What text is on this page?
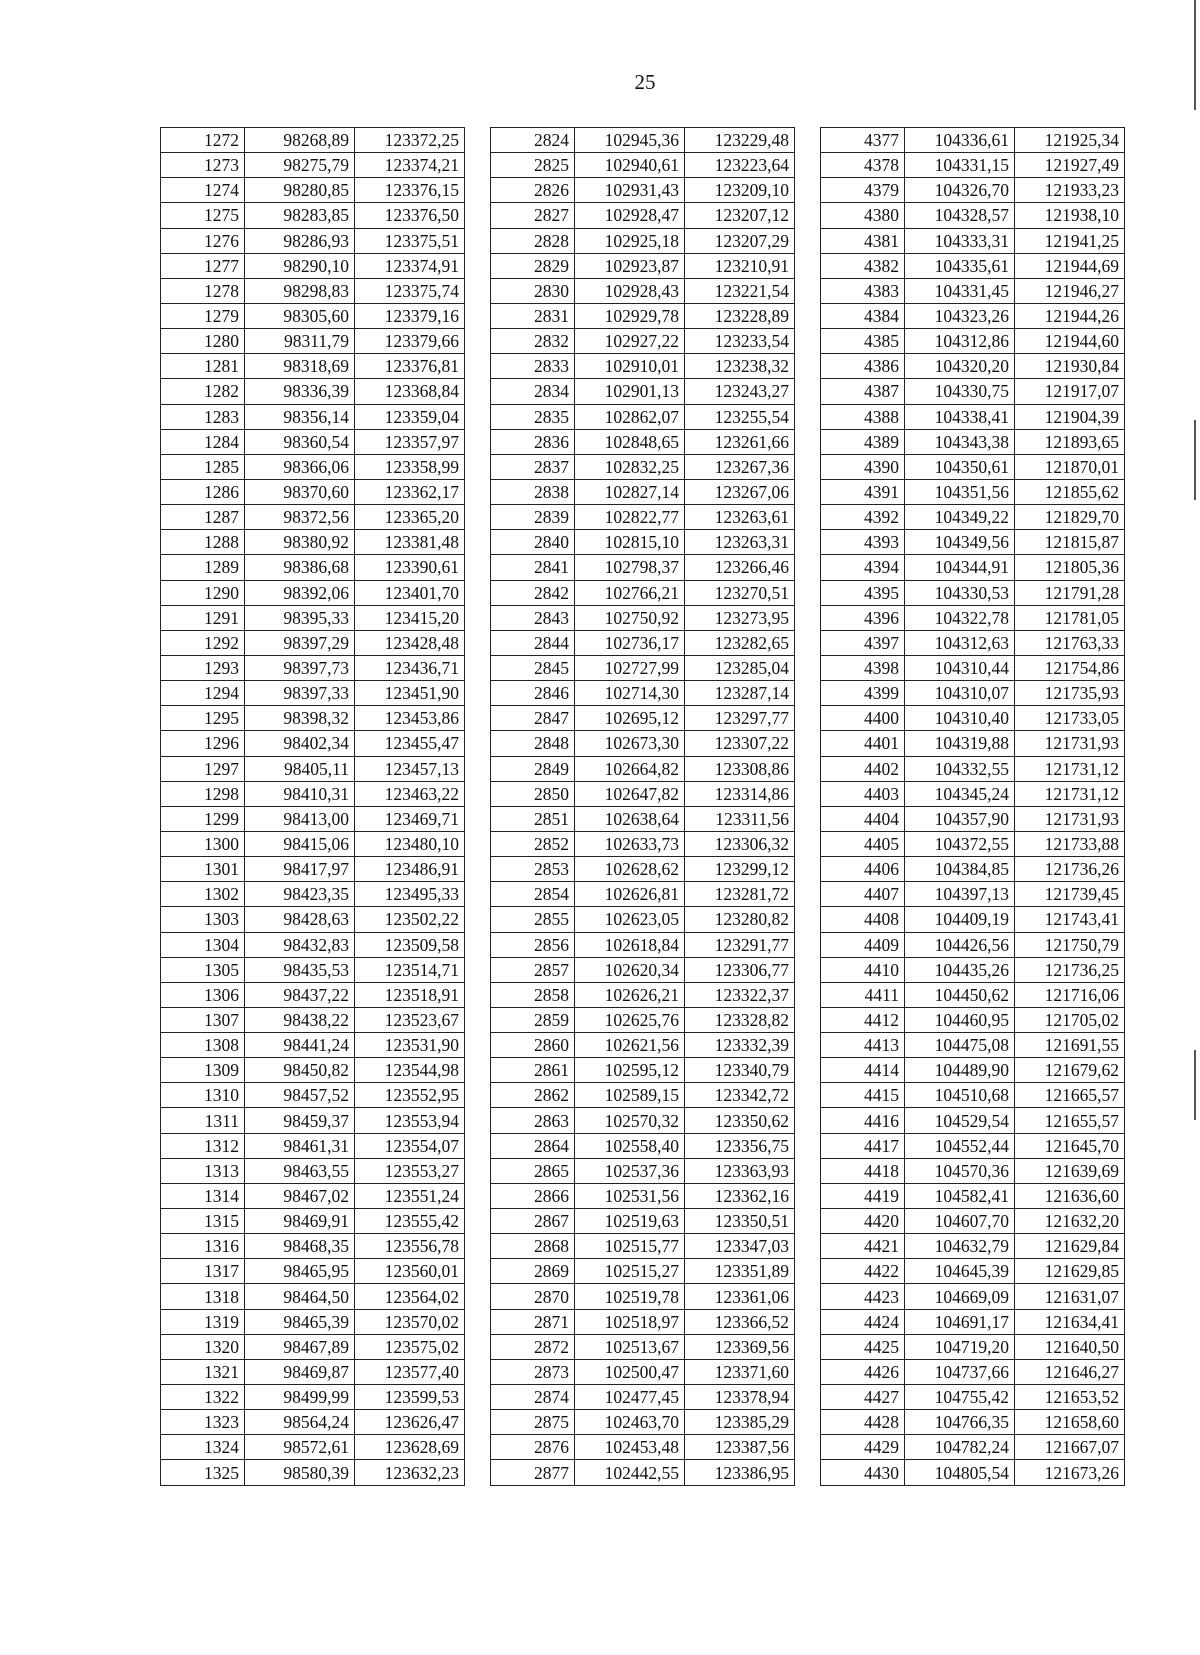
25
1272	98268,89	123372,25
1273	98275,79	123374,21
1274	98280,85	123376,15
1275	98283,85	123376,50
1276	98286,93	123375,51
1277	98290,10	123374,91
1278	98298,83	123375,74
1279	98305,60	123379,16
1280	98311,79	123379,66
1281	98318,69	123376,81
1282	98336,39	123368,84
1283	98356,14	123359,04
1284	98360,54	123357,97
1285	98366,06	123358,99
1286	98370,60	123362,17
1287	98372,56	123365,20
1288	98380,92	123381,48
1289	98386,68	123390,61
1290	98392,06	123401,70
1291	98395,33	123415,20
1292	98397,29	123428,48
1293	98397,73	123436,71
1294	98397,33	123451,90
1295	98398,32	123453,86
1296	98402,34	123455,47
1297	98405,11	123457,13
1298	98410,31	123463,22
1299	98413,00	123469,71
1300	98415,06	123480,10
1301	98417,97	123486,91
1302	98423,35	123495,33
1303	98428,63	123502,22
1304	98432,83	123509,58
1305	98435,53	123514,71
1306	98437,22	123518,91
1307	98438,22	123523,67
1308	98441,24	123531,90
1309	98450,82	123544,98
1310	98457,52	123552,95
1311	98459,37	123553,94
1312	98461,31	123554,07
1313	98463,55	123553,27
1314	98467,02	123551,24
1315	98469,91	123555,42
1316	98468,35	123556,78
1317	98465,95	123560,01
1318	98464,50	123564,02
1319	98465,39	123570,02
1320	98467,89	123575,02
1321	98469,87	123577,40
1322	98499,99	123599,53
1323	98564,24	123626,47
1324	98572,61	123628,69
1325	98580,39	123632,23
2824	102945,36	123229,48
2825	102940,61	123223,64
2826	102931,43	123209,10
2827	102928,47	123207,12
2828	102925,18	123207,29
2829	102923,87	123210,91
2830	102928,43	123221,54
2831	102929,78	123228,89
2832	102927,22	123233,54
2833	102910,01	123238,32
2834	102901,13	123243,27
2835	102862,07	123255,54
2836	102848,65	123261,66
2837	102832,25	123267,36
2838	102827,14	123267,06
2839	102822,77	123263,61
2840	102815,10	123263,31
2841	102798,37	123266,46
2842	102766,21	123270,51
2843	102750,92	123273,95
2844	102736,17	123282,65
2845	102727,99	123285,04
2846	102714,30	123287,14
2847	102695,12	123297,77
2848	102673,30	123307,22
2849	102664,82	123308,86
2850	102647,82	123314,86
2851	102638,64	123311,56
2852	102633,73	123306,32
2853	102628,62	123299,12
2854	102626,81	123281,72
2855	102623,05	123280,82
2856	102618,84	123291,77
2857	102620,34	123306,77
2858	102626,21	123322,37
2859	102625,76	123328,82
2860	102621,56	123332,39
2861	102595,12	123340,79
2862	102589,15	123342,72
2863	102570,32	123350,62
2864	102558,40	123356,75
2865	102537,36	123363,93
2866	102531,56	123362,16
2867	102519,63	123350,51
2868	102515,77	123347,03
2869	102515,27	123351,89
2870	102519,78	123361,06
2871	102518,97	123366,52
2872	102513,67	123369,56
2873	102500,47	123371,60
2874	102477,45	123378,94
2875	102463,70	123385,29
2876	102453,48	123387,56
2877	102442,55	123386,95
4377	104336,61	121925,34
4378	104331,15	121927,49
4379	104326,70	121933,23
4380	104328,57	121938,10
4381	104333,31	121941,25
4382	104335,61	121944,69
4383	104331,45	121946,27
4384	104323,26	121944,26
4385	104312,86	121944,60
4386	104320,20	121930,84
4387	104330,75	121917,07
4388	104338,41	121904,39
4389	104343,38	121893,65
4390	104350,61	121870,01
4391	104351,56	121855,62
4392	104349,22	121829,70
4393	104349,56	121815,87
4394	104344,91	121805,36
4395	104330,53	121791,28
4396	104322,78	121781,05
4397	104312,63	121763,33
4398	104310,44	121754,86
4399	104310,07	121735,93
4400	104310,40	121733,05
4401	104319,88	121731,93
4402	104332,55	121731,12
4403	104345,24	121731,12
4404	104357,90	121731,93
4405	104372,55	121733,88
4406	104384,85	121736,26
4407	104397,13	121739,45
4408	104409,19	121743,41
4409	104426,56	121750,79
4410	104435,26	121736,25
4411	104450,62	121716,06
4412	104460,95	121705,02
4413	104475,08	121691,55
4414	104489,90	121679,62
4415	104510,68	121665,57
4416	104529,54	121655,57
4417	104552,44	121645,70
4418	104570,36	121639,69
4419	104582,41	121636,60
4420	104607,70	121632,20
4421	104632,79	121629,84
4422	104645,39	121629,85
4423	104669,09	121631,07
4424	104691,17	121634,41
4425	104719,20	121640,50
4426	104737,66	121646,27
4427	104755,42	121653,52
4428	104766,35	121658,60
4429	104782,24	121667,07
4430	104805,54	121673,26
